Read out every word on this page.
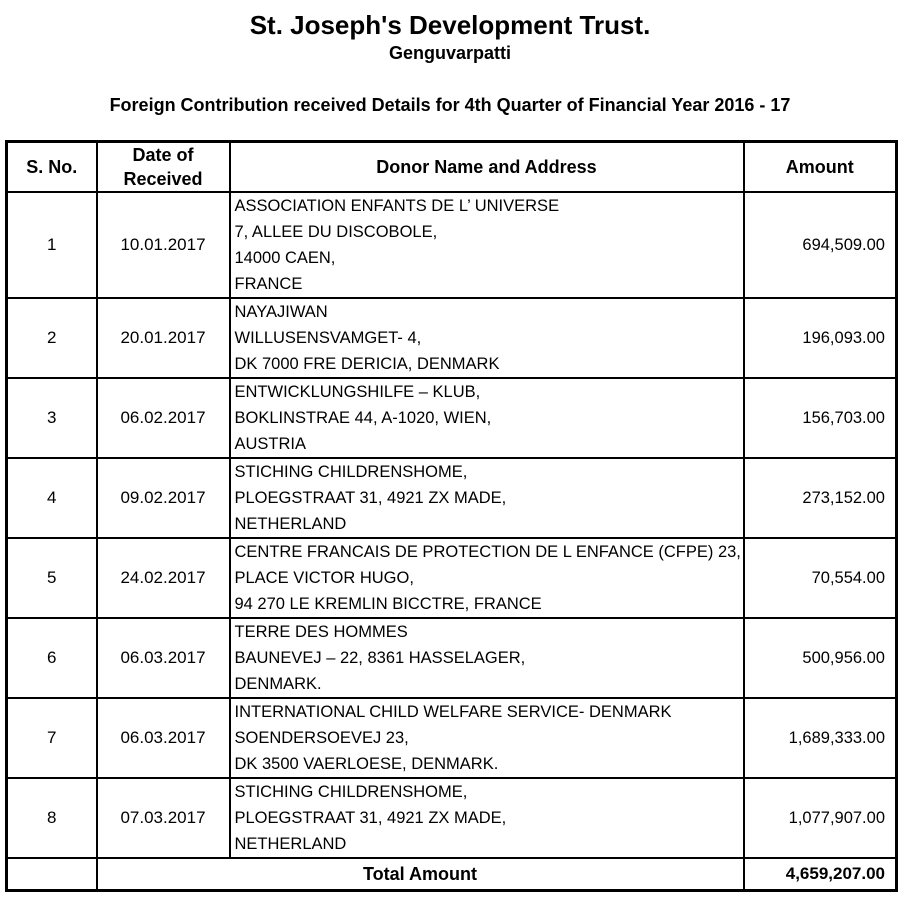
St. Joseph's Development Trust.
Genguvarpatti
Foreign Contribution received Details for 4th Quarter of Financial Year 2016 - 17
S. No.	Date of Received	Donor Name and Address	Amount
1	10.01.2017	ASSOCIATION ENFANTS DE L’ UNIVERSE
7, ALLEE DU DISCOBOLE,
14000 CAEN,
FRANCE	694,509.00
2	20.01.2017	NAYAJIWAN
WILLUSENSVAMGET- 4,
DK 7000 FRE DERICIA, DENMARK	196,093.00
3	06.02.2017	ENTWICKLUNGSHILFE – KLUB,
BOKLINSTRAE 44, A-1020, WIEN,
AUSTRIA	156,703.00
4	09.02.2017	STICHING CHILDRENSHOME,
PLOEGSTRAAT 31, 4921 ZX MADE,
NETHERLAND	273,152.00
5	24.02.2017	CENTRE FRANCAIS DE PROTECTION DE L ENFANCE (CFPE) 23,
PLACE VICTOR HUGO,
94 270 LE KREMLIN BICCTRE, FRANCE	70,554.00
6	06.03.2017	TERRE DES HOMMES
BAUNEVEJ – 22, 8361 HASSELAGER,
DENMARK.	500,956.00
7	06.03.2017	INTERNATIONAL CHILD WELFARE SERVICE- DENMARK
SOENDERSOEVEJ 23,
DK 3500 VAERLOESE, DENMARK.	1,689,333.00
8	07.03.2017	STICHING CHILDRENSHOME,
PLOEGSTRAAT 31, 4921 ZX MADE,
NETHERLAND	1,077,907.00
	Total Amount		4,659,207.00
